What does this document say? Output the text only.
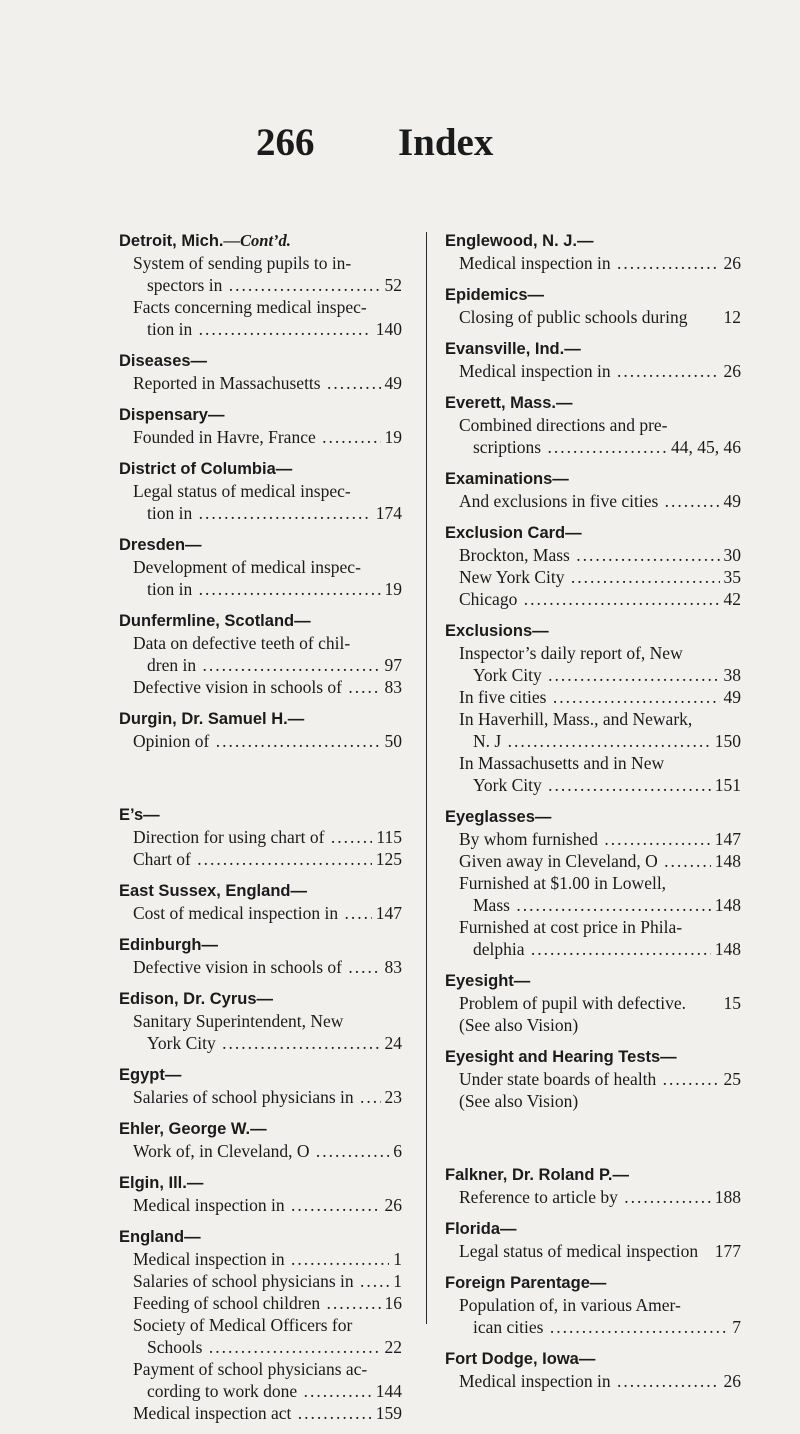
266 Index
Detroit, Mich.—Cont’d.
System of sending pupils to in-
spectors in .....	52
Facts concerning medical inspec-
tion in .....	140
Diseases—
Reported in Massachusetts .....	49
Dispensary—
Founded in Havre, France .....	19
District of Columbia—
Legal status of medical inspec-
tion in .....	174
Dresden—
Development of medical inspec-
tion in .....	19
Dunfermline, Scotland—
Data on defective teeth of chil-
dren in .....	97
Defective vision in schools of .....	83
Durgin, Dr. Samuel H.—
Opinion of .....	50
E’s—
Direction for using chart of .....	115
Chart of .....	125
East Sussex, England—
Cost of medical inspection in .....	147
Edinburgh—
Defective vision in schools of .....	83
Edison, Dr. Cyrus—
Sanitary Superintendent, New
York City .....	24
Egypt—
Salaries of school physicians in .....	23
Ehler, George W.—
Work of, in Cleveland, O .....	6
Elgin, Ill.—
Medical inspection in .....	26
England—
Medical inspection in .....	1
Salaries of school physicians in .....	1
Feeding of school children .....	16
Society of Medical Officers for
Schools .....	22
Payment of school physicians ac-
cording to work done .....	144
Medical inspection act .....	159
Englewood, N. J.—
Medical inspection in .....	26
Epidemics—
Closing of public schools during	12
Evansville, Ind.—
Medical inspection in .....	26
Everett, Mass.—
Combined directions and pre-
scriptions .....	44, 45, 46
Examinations—
And exclusions in five cities .....	49
Exclusion Card—
Brockton, Mass .....	30
New York City .....	35
Chicago .....	42
Exclusions—
Inspector’s daily report of, New
York City .....	38
In five cities .....	49
In Haverhill, Mass., and Newark,
N. J .....	150
In Massachusetts and in New
York City .....	151
Eyeglasses—
By whom furnished .....	147
Given away in Cleveland, O .....	148
Furnished at $1.00 in Lowell,
Mass .....	148
Furnished at cost price in Phila-
delphia .....	148
Eyesight—
Problem of pupil with defective.	15
(See also Vision)
Eyesight and Hearing Tests—
Under state boards of health .....	25
(See also Vision)
Falkner, Dr. Roland P.—
Reference to article by .....	188
Florida—
Legal status of medical inspection 177
Foreign Parentage—
Population of, in various Amer-
ican cities .....	7
Fort Dodge, Iowa—
Medical inspection in .....	26
